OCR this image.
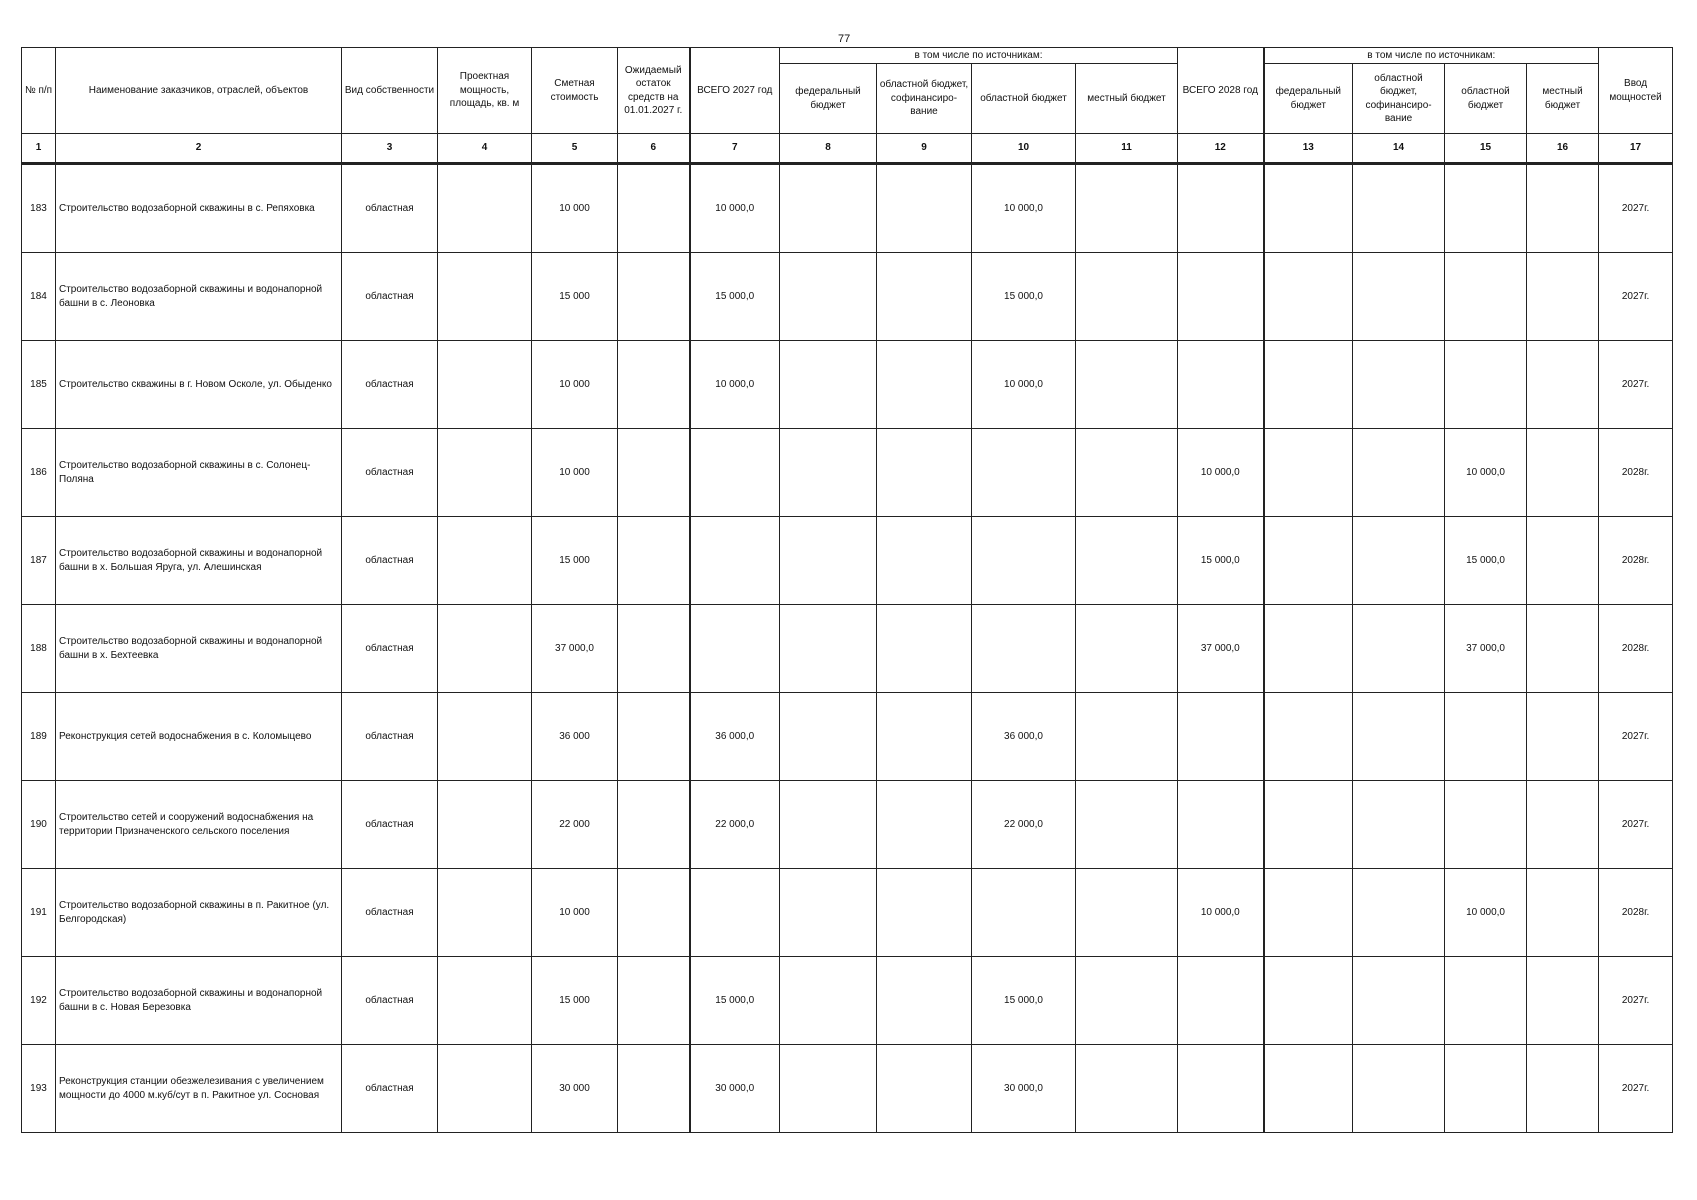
77
№ п/п	Наименование заказчиков, отраслей, объектов	Вид собственности	Проектная мощность, площадь, кв. м	Сметная стоимость	Ожидаемый остаток средств на 01.01.2027 г.	ВСЕГО 2027 год	в том числе по источникам:				ВСЕГО 2028 год	в том числе по источникам:				Ввод мощностей
							федеральный бюджет	областной бюджет, софинансиро-вание	областной бюджет	местный бюджет		федеральный бюджет	областной бюджет, софинансиро-вание	областной бюджет	местный бюджет	
1	2	3	4	5	6	7	8	9	10	11	12	13	14	15	16	17

183	Строительство водозаборной скважины в с. Репяховка	областная		10 000		10 000,0			10 000,0							2027г.
184	Строительство водозаборной скважины и водонапорной башни в с. Леоновка	областная		15 000		15 000,0			15 000,0							2027г.
185	Строительство скважины в г. Новом Осколе, ул. Обыденко	областная		10 000		10 000,0			10 000,0							2027г.
186	Строительство водозаборной скважины в с. Солонец-Поляна	областная		10 000							10 000,0			10 000,0		2028г.
187	Строительство водозаборной скважины и водонапорной башни в х. Большая Яруга, ул. Алешинская	областная		15 000							15 000,0			15 000,0		2028г.
188	Строительство водозаборной скважины и водонапорной башни в х. Бехтеевка	областная		37 000,0							37 000,0			37 000,0		2028г.
189	Реконструкция сетей водоснабжения в с. Коломыцево	областная		36 000		36 000,0			36 000,0							2027г.
190	Строительство сетей и сооружений водоснабжения на территории Призначенского сельского поселения	областная		22 000		22 000,0			22 000,0							2027г.
191	Строительство водозаборной скважины в п. Ракитное (ул. Белгородская)	областная		10 000							10 000,0			10 000,0		2028г.
192	Строительство водозаборной скважины и водонапорной башни в с. Новая Березовка	областная		15 000		15 000,0			15 000,0							2027г.
193	Реконструкция станции обезжелезивания с увеличением мощности до 4000 м.куб/сут в п. Ракитное ул. Сосновая	областная		30 000		30 000,0			30 000,0							2027г.
